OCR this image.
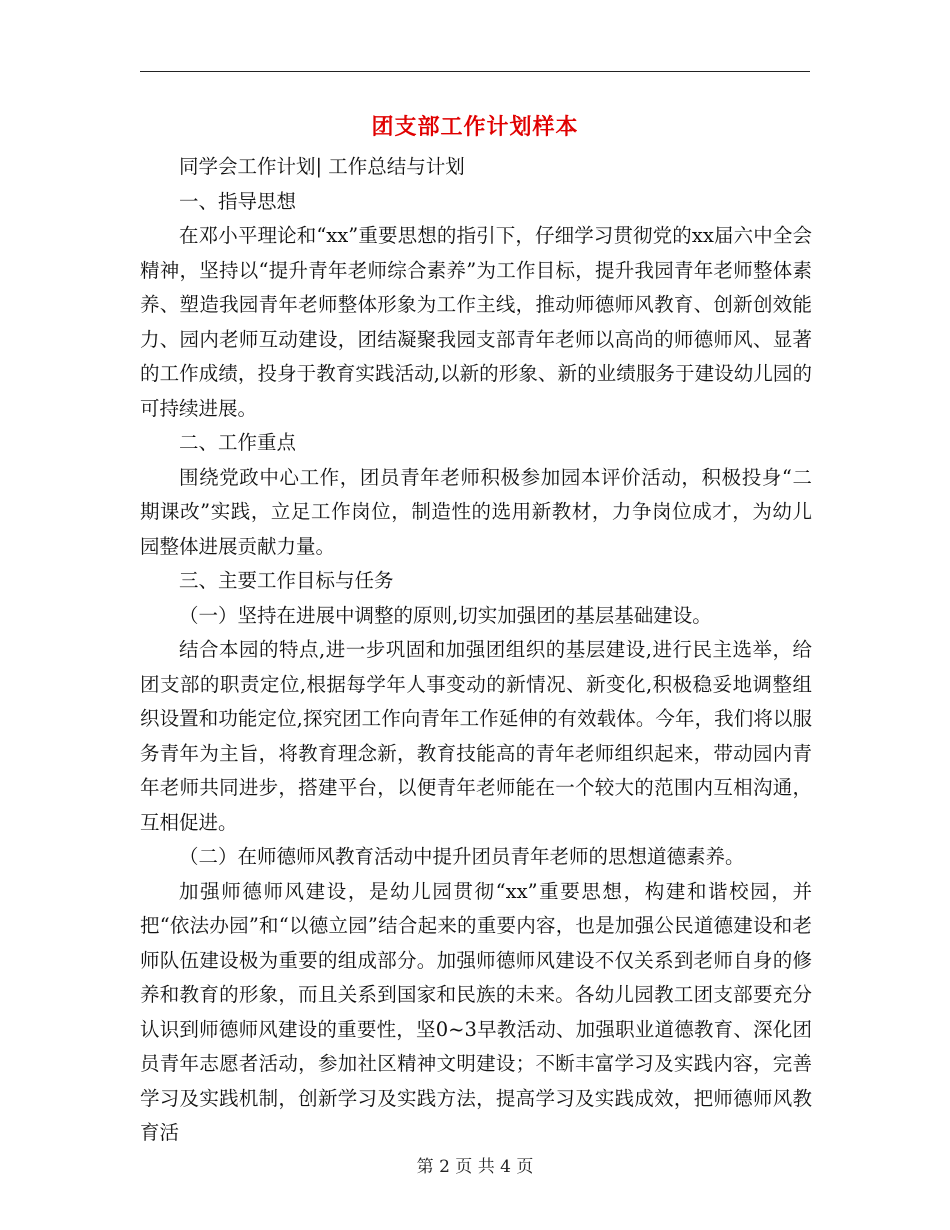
团支部工作计划样本

同学会工作计划| 工作总结与计划

一、指导思想

在邓小平理论和“xx”重要思想的指引下，仔细学习贯彻党的xx届六中全会精神，坚持以“提升青年老师综合素养”为工作目标，提升我园青年老师整体素养、塑造我园青年老师整体形象为工作主线，推动师德师风教育、创新创效能力、园内老师互动建设，团结凝聚我园支部青年老师以高尚的师德师风、显著的工作成绩，投身于教育实践活动,以新的形象、新的业绩服务于建设幼儿园的可持续进展。

二、工作重点

围绕党政中心工作，团员青年老师积极参加园本评价活动，积极投身“二期课改”实践，立足工作岗位，制造性的选用新教材，力争岗位成才，为幼儿园整体进展贡献力量。

三、主要工作目标与任务

（一）坚持在进展中调整的原则,切实加强团的基层基础建设。

结合本园的特点,进一步巩固和加强团组织的基层建设,进行民主选举，给团支部的职责定位,根据每学年人事变动的新情况、新变化,积极稳妥地调整组织设置和功能定位,探究团工作向青年工作延伸的有效载体。今年，我们将以服务青年为主旨，将教育理念新，教育技能高的青年老师组织起来，带动园内青年老师共同进步，搭建平台，以便青年老师能在一个较大的范围内互相沟通，互相促进。

（二）在师德师风教育活动中提升团员青年老师的思想道德素养。

加强师德师风建设，是幼儿园贯彻“xx”重要思想，构建和谐校园，并把“依法办园”和“以德立园”结合起来的重要内容，也是加强公民道德建设和老师队伍建设极为重要的组成部分。加强师德师风建设不仅关系到老师自身的修养和教育的形象，而且关系到国家和民族的未来。各幼儿园教工团支部要充分认识到师德师风建设的重要性，坚0~3早教活动、加强职业道德教育、深化团员青年志愿者活动，参加社区精神文明建设；不断丰富学习及实践内容，完善学习及实践机制，创新学习及实践方法，提高学习及实践成效，把师德师风教育活

第 2 页 共 4 页
